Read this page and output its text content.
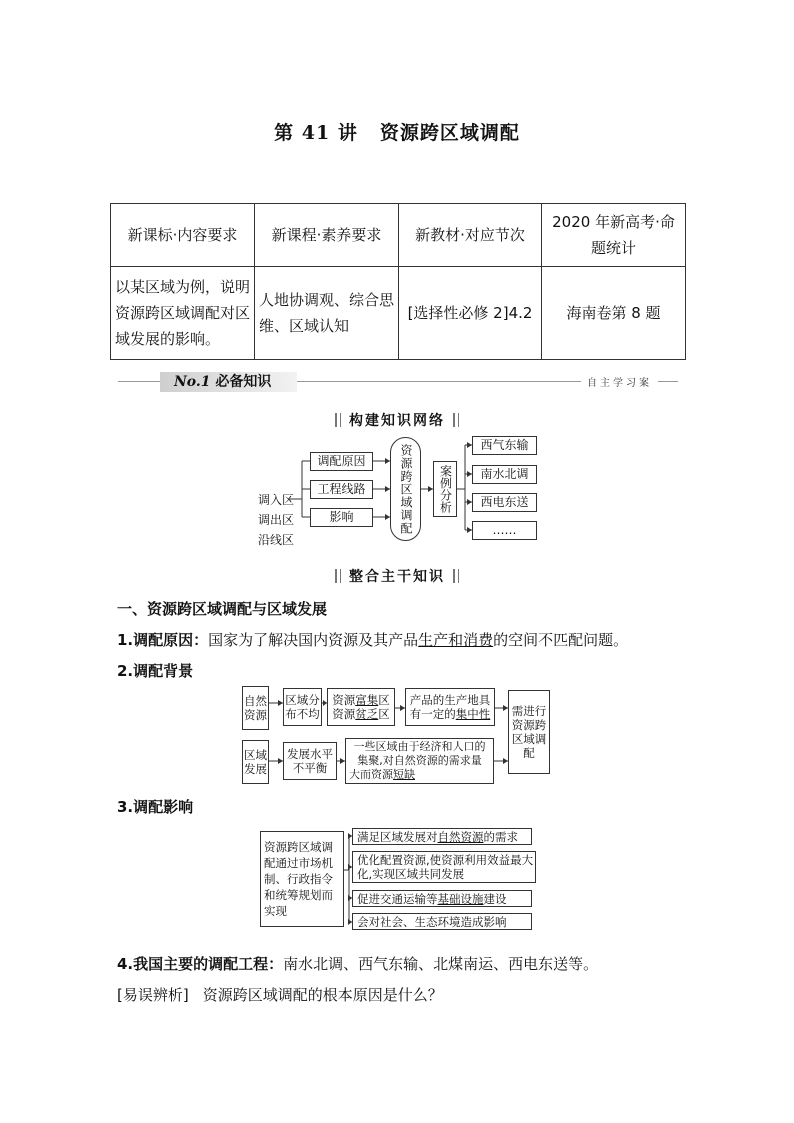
第 41 讲 资源跨区域调配
新课标·内容要求	新课程·素养要求	新教材·对应节次	2020 年新高考·命题统计
以某区域为例，说明资源跨区域调配对区域发展的影响。	人地协调观、综合思维、区域认知	[选择性必修 2]4.2	海南卷第 8 题
No.1 必备知识	自主学习案
构建知识网络
调入区
调出区
沿线区
调配原因
工程线路
影响	资源跨区域调配	案例分析
西气东输
南水北调
西电东送
……
整合主干知识
一、资源跨区域调配与区域发展
1.调配原因：国家为了解决国内资源及其产品生产和消费的空间不匹配问题。
2.调配背景
自然资源
区域分布不均
资源富集区
资源贫乏区
产品的生产地具
有一定的集中性	需进行资源跨区域调配
区域发展
发展水平不平衡
一些区域由于经济和人口的
集聚,对自然资源的需求量
大而资源短缺
3.调配影响
资源跨区域调配通过市场机制、行政指令和统筹规划而实现
满足区域发展对 自然资源 的需求
优化配置资源,使资源利用效益最大化,实现区域共同发展
促进交通运输等 基础设施 建设
会对社会、生态环境造成影响
4.我国主要的调配工程：南水北调、西气东输、北煤南运、西电东送等。
[易误辨析] 资源跨区域调配的根本原因是什么？
